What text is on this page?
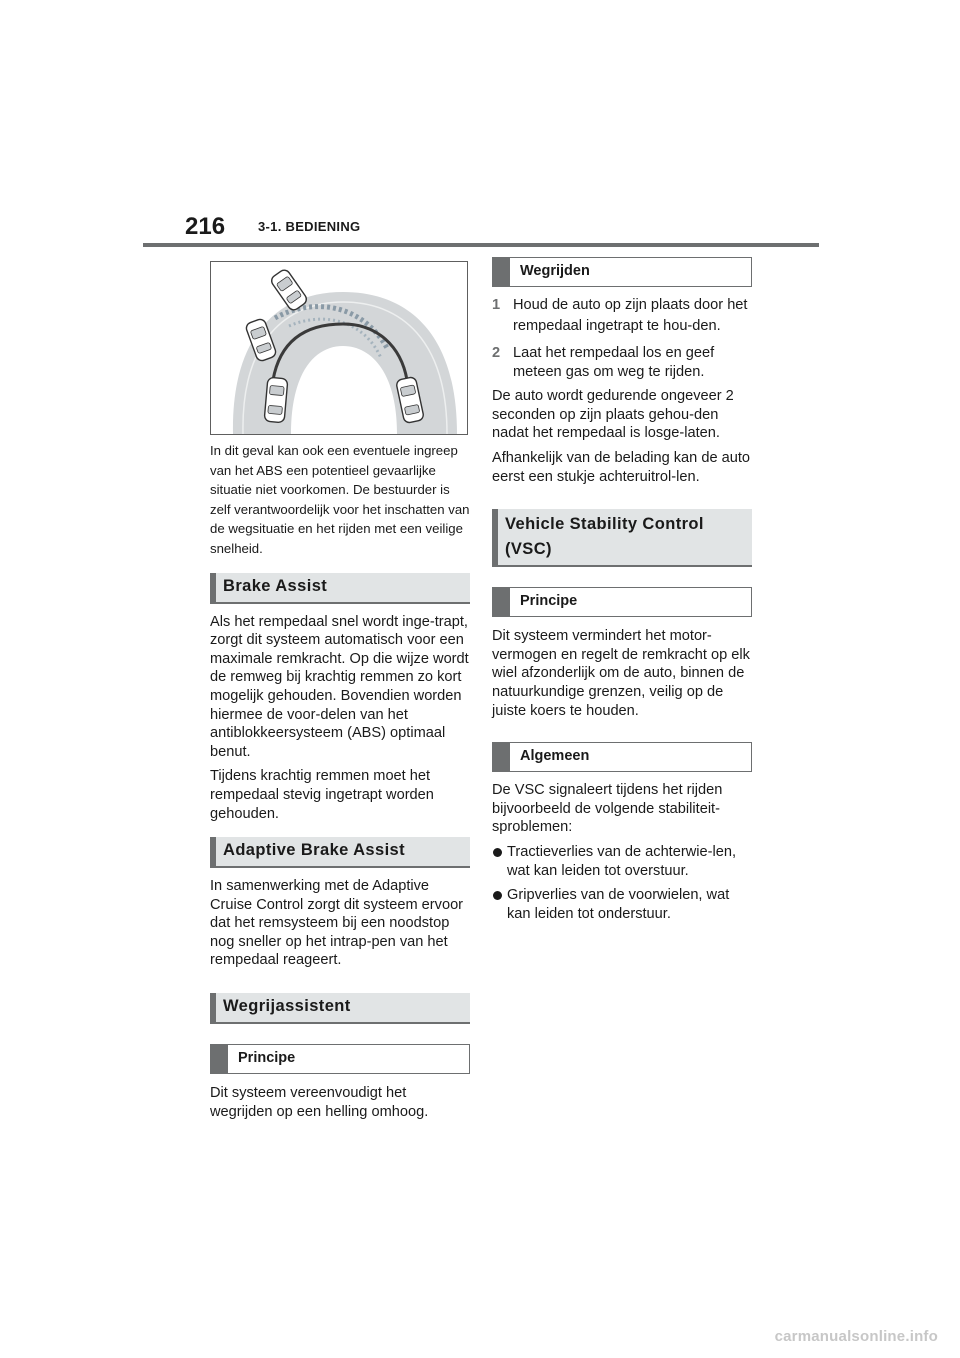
216	3-1. BEDIENING

In dit geval kan ook een eventuele ingreep van het ABS een potentieel gevaarlijke situatie niet voorkomen. De bestuurder is zelf verantwoordelijk voor het inschatten van de wegsituatie en het rijden met een veilige snelheid.

Brake Assist

Als het rempedaal snel wordt inge-trapt, zorgt dit systeem automatisch voor een maximale remkracht. Op die wijze wordt de remweg bij krachtig remmen zo kort mogelijk gehouden. Bovendien worden hiermee de voor-delen van het antiblokkeersysteem (ABS) optimaal benut.

Tijdens krachtig remmen moet het rempedaal stevig ingetrapt worden gehouden.

Adaptive Brake Assist

In samenwerking met de Adaptive Cruise Control zorgt dit systeem ervoor dat het remsysteem bij een noodstop nog sneller op het intrap-pen van het rempedaal reageert.

Wegrijassistent
Principe

Dit systeem vereenvoudigt het wegrijden op een helling omhoog.

Wegrijden
1 Houd de auto op zijn plaats door het rempedaal ingetrapt te hou-den.
2 Laat het rempedaal los en geef meteen gas om weg te rijden.

De auto wordt gedurende ongeveer 2 seconden op zijn plaats gehou-den nadat het rempedaal is losge-laten.

Afhankelijk van de belading kan de auto eerst een stukje achteruitrol-len.

Vehicle Stability Control
(VSC)
Principe

Dit systeem vermindert het motor-vermogen en regelt de remkracht op elk wiel afzonderlijk om de auto, binnen de natuurkundige grenzen, veilig op de juiste koers te houden.

Algemeen

De VSC signaleert tijdens het rijden bijvoorbeeld de volgende stabiliteit-sproblemen:

Tractieverlies van de achterwie-len, wat kan leiden tot overstuur.
Gripverlies van de voorwielen, wat kan leiden tot onderstuur.
carmanualsonline.info
